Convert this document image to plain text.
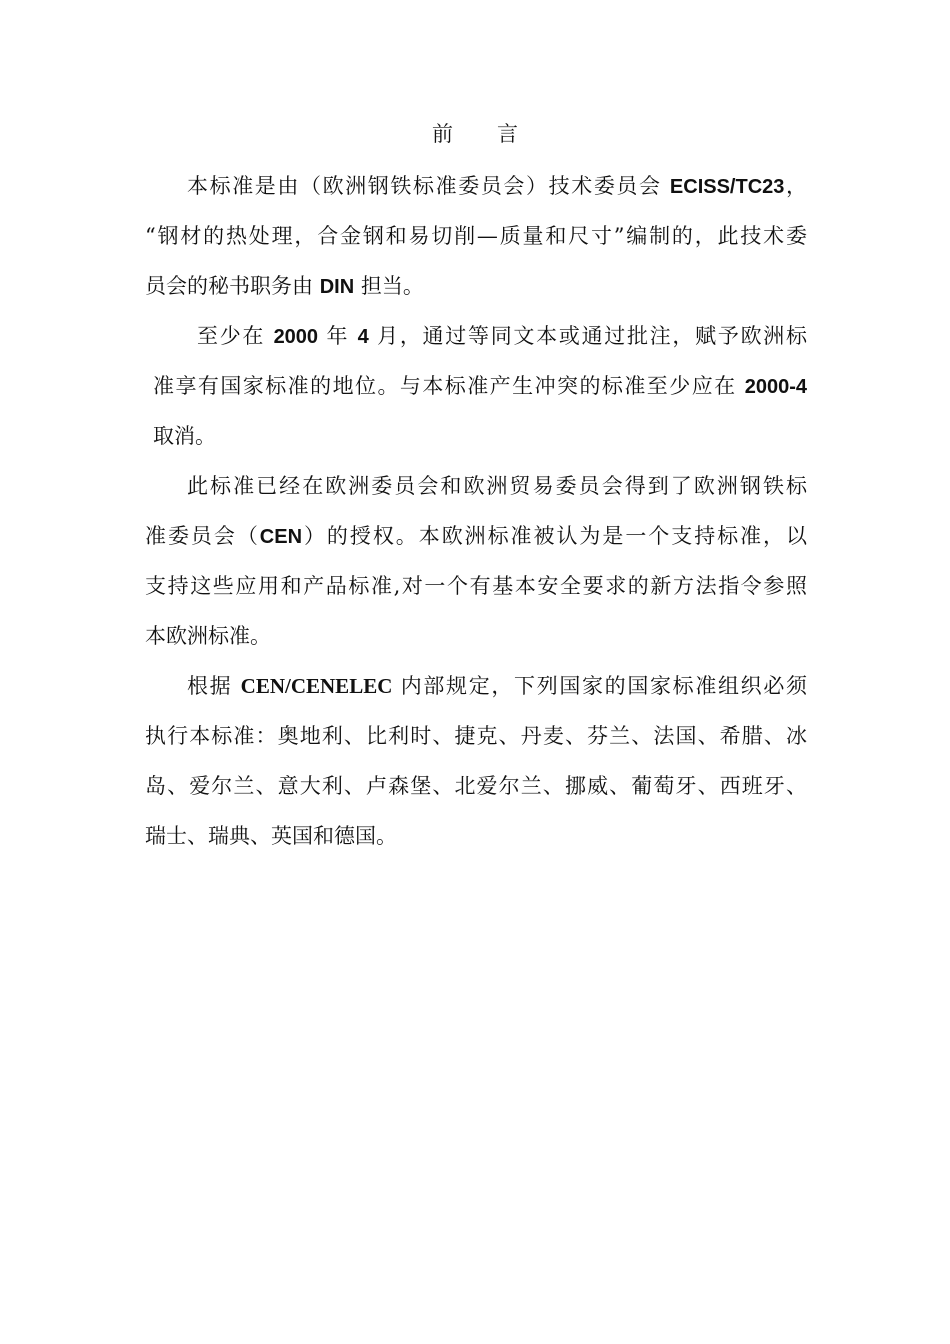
前 言
本标准是由（欧洲钢铁标准委员会）技术委员会 ECISS/TC23，
“钢材的热处理，合金钢和易切削—质量和尺寸”编制的，此技术委
员会的秘书职务由 DIN 担当。
至少在 2000 年 4 月，通过等同文本或通过批注，赋予欧洲标
准享有国家标准的地位。与本标准产生冲突的标准至少应在 2000-4
取消。
此标准已经在欧洲委员会和欧洲贸易委员会得到了欧洲钢铁标
准委员会（CEN）的授权。本欧洲标准被认为是一个支持标准，以
支持这些应用和产品标准,对一个有基本安全要求的新方法指令参照
本欧洲标准。
根据 CEN/CENELEC 内部规定，下列国家的国家标准组织必须
执行本标准：奥地利、比利时、捷克、丹麦、芬兰、法国、希腊、冰
岛、爱尔兰、意大利、卢森堡、北爱尔兰、挪威、葡萄牙、西班牙、
瑞士、瑞典、英国和德国。
